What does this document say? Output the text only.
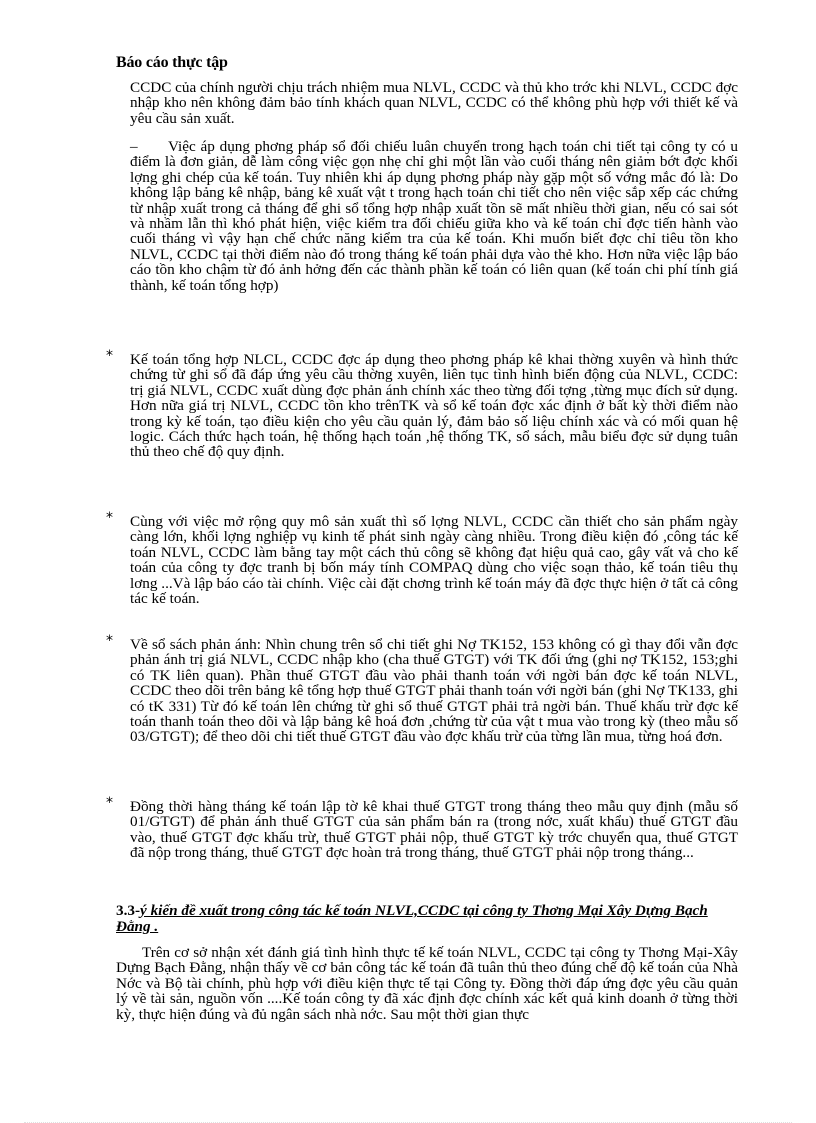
Báo cáo thực tập

CCDC của chính người chịu trách nhiệm mua NLVL, CCDC và thủ kho trớc khi NLVL, CCDC đợc nhập kho nên không đảm bảo tính khách quan NLVL, CCDC có thể không phù hợp với thiết kế và yêu cầu sản xuất.

– Việc áp dụng phơng pháp sổ đối chiếu luân chuyển trong hạch toán chi tiết tại công ty có u điểm là đơn giản, dễ làm công việc gọn nhẹ chỉ ghi một lần vào cuối tháng nên giảm bớt đợc khối lợng ghi chép của kế toán. Tuy nhiên khi áp dụng phơng pháp này gặp một số vớng mắc đó là: Do không lập bảng kê nhập, bảng kê xuất vật t trong hạch toán chi tiết cho nên việc sắp xếp các chứng từ nhập xuất trong cả tháng để ghi sổ tổng hợp nhập xuất tồn sẽ mất nhiều thời gian, nếu có sai sót và nhầm lẫn thì khó phát hiện, việc kiểm tra đối chiếu giữa kho và kế toán chỉ đợc tiến hành vào cuối tháng vì vậy hạn chế chức năng kiểm tra của kế toán. Khi muốn biết đợc chỉ tiêu tồn kho NLVL, CCDC tại thời điểm nào đó trong tháng kế toán phải dựa vào thẻ kho. Hơn nữa việc lập báo cáo tồn kho chậm từ đó ảnh hởng đến các thành phần kế toán có liên quan (kế toán chi phí tính giá thành, kế toán tổng hợp)

* Kế toán tổng hợp NLCL, CCDC đợc áp dụng theo phơng pháp kê khai thờng xuyên và hình thức chứng từ ghi sổ đã đáp ứng yêu cầu thờng xuyên, liên tục tình hình biến động của NLVL, CCDC: trị giá NLVL, CCDC xuất dùng đợc phản ánh chính xác theo từng đối tợng ,từng mục đích sử dụng. Hơn nữa giá trị NLVL, CCDC tồn kho trênTK và sổ kế toán đợc xác định ở bất kỳ thời điểm nào trong kỳ kế toán, tạo điều kiện cho yêu cầu quản lý, đảm bảo số liệu chính xác và có mối quan hệ logic. Cách thức hạch toán, hệ thống hạch toán ,hệ thống TK, sổ sách, mẫu biểu đợc sử dụng tuân thủ theo chế độ quy định.

* Cùng với việc mở rộng quy mô sản xuất thì số lợng NLVL, CCDC cần thiết cho sản phẩm ngày càng lớn, khối lợng nghiệp vụ kinh tế phát sinh ngày càng nhiều. Trong điều kiện đó ,công tác kế toán NLVL, CCDC làm bằng tay một cách thủ công sẽ không đạt hiệu quả cao, gây vất vả cho kế toán của công ty đợc tranh bị bốn máy tính COMPAQ dùng cho việc soạn thảo, kế toán tiêu thụ lơng ...Và lập báo cáo tài chính. Việc cài đặt chơng trình kế toán máy đã đợc thực hiện ở tất cả công tác kế toán.

* Về sổ sách phản ánh: Nhìn chung trên sổ chi tiết ghi Nợ TK152, 153 không có gì thay đổi vẫn đợc phản ánh trị giá NLVL, CCDC nhập kho (cha thuế GTGT) với TK đối ứng (ghi nợ TK152, 153;ghi có TK liên quan). Phần thuế GTGT đầu vào phải thanh toán với ngời bán đợc kế toán NLVL, CCDC theo dõi trên bảng kê tổng hợp thuế GTGT phải thanh toán với ngời bán (ghi Nợ TK133, ghi có tK 331) Từ đó kế toán lên chứng từ ghi sổ thuế GTGT phải trả ngời bán. Thuế khấu trừ đợc kế toán thanh toán theo dõi và lập bảng kê hoá đơn ,chứng từ của vật t mua vào trong kỳ (theo mẫu số 03/GTGT); để theo dõi chi tiết thuế GTGT đầu vào đợc khấu trừ của từng lần mua, từng hoá đơn.

* Đồng thời hàng tháng kế toán lập tờ kê khai thuế GTGT trong tháng theo mẫu quy định (mẫu số 01/GTGT) để phản ánh thuế GTGT của sản phẩm bán ra (trong nớc, xuất khẩu) thuế GTGT đầu vào, thuế GTGT đợc khấu trừ, thuế GTGT phải nộp, thuế GTGT kỳ trớc chuyển qua, thuế GTGT đã nộp trong tháng, thuế GTGT đợc hoàn trả trong tháng, thuế GTGT phải nộp trong tháng...

3.3-ý kiến đề xuất trong công tác kế toán NLVL,CCDC tại công ty Thơng Mại Xây Dựng Bạch Đằng .
Trên cơ sở nhận xét đánh giá tình hình thực tế kế toán NLVL, CCDC tại công ty Thơng Mại-Xây Dựng Bạch Đằng, nhận thấy về cơ bản công tác kế toán đã tuân thủ theo đúng chế độ kế toán của Nhà Nớc và Bộ tài chính, phù hợp với điều kiện thực tế tại Công ty. Đồng thời đáp ứng đợc yêu cầu quản lý về tài sản, nguồn vốn ....Kế toán công ty đã xác định đợc chính xác kết quả kinh doanh ở từng thời kỳ, thực hiện đúng và đủ ngân sách nhà nớc. Sau một thời gian thực
